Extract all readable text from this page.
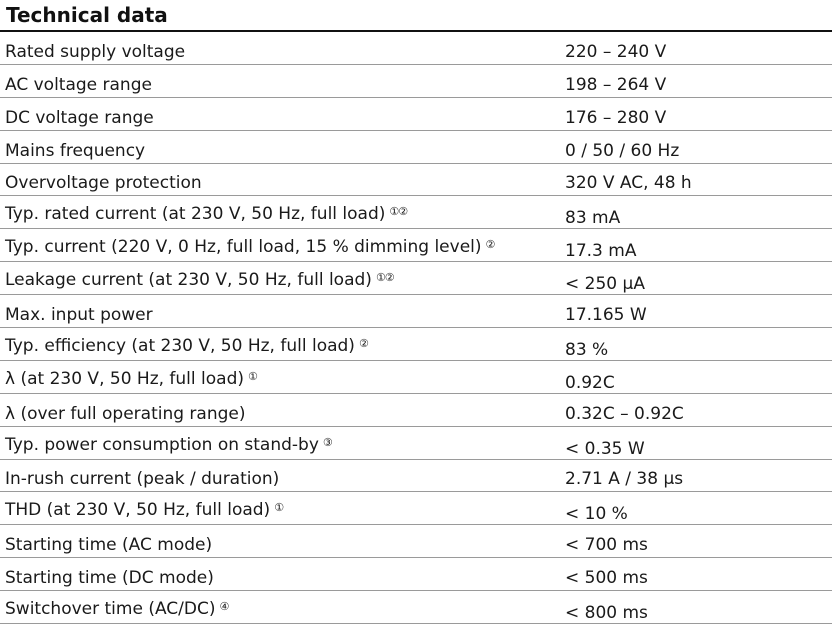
Technical data
Rated supply voltage	220 – 240 V
AC voltage range	198 – 264 V
DC voltage range	176 – 280 V
Mains frequency	0 / 50 / 60 Hz
Overvoltage protection	320 V AC, 48 h
Typ. rated current (at 230 V, 50 Hz, full load) ①②	83 mA
Typ. current (220 V, 0 Hz, full load, 15 % dimming level) ②	17.3 mA
Leakage current (at 230 V, 50 Hz, full load) ①②	< 250 µA
Max. input power	17.165 W
Typ. efficiency (at 230 V, 50 Hz, full load) ②	83 %
λ (at 230 V, 50 Hz, full load) ①	0.92C
λ (over full operating range)	0.32C – 0.92C
Typ. power consumption on stand-by ③	< 0.35 W
In-rush current (peak / duration)	2.71 A / 38 µs
THD (at 230 V, 50 Hz, full load) ①	< 10 %
Starting time (AC mode)	< 700 ms
Starting time (DC mode)	< 500 ms
Switchover time (AC/DC) ④	< 800 ms
